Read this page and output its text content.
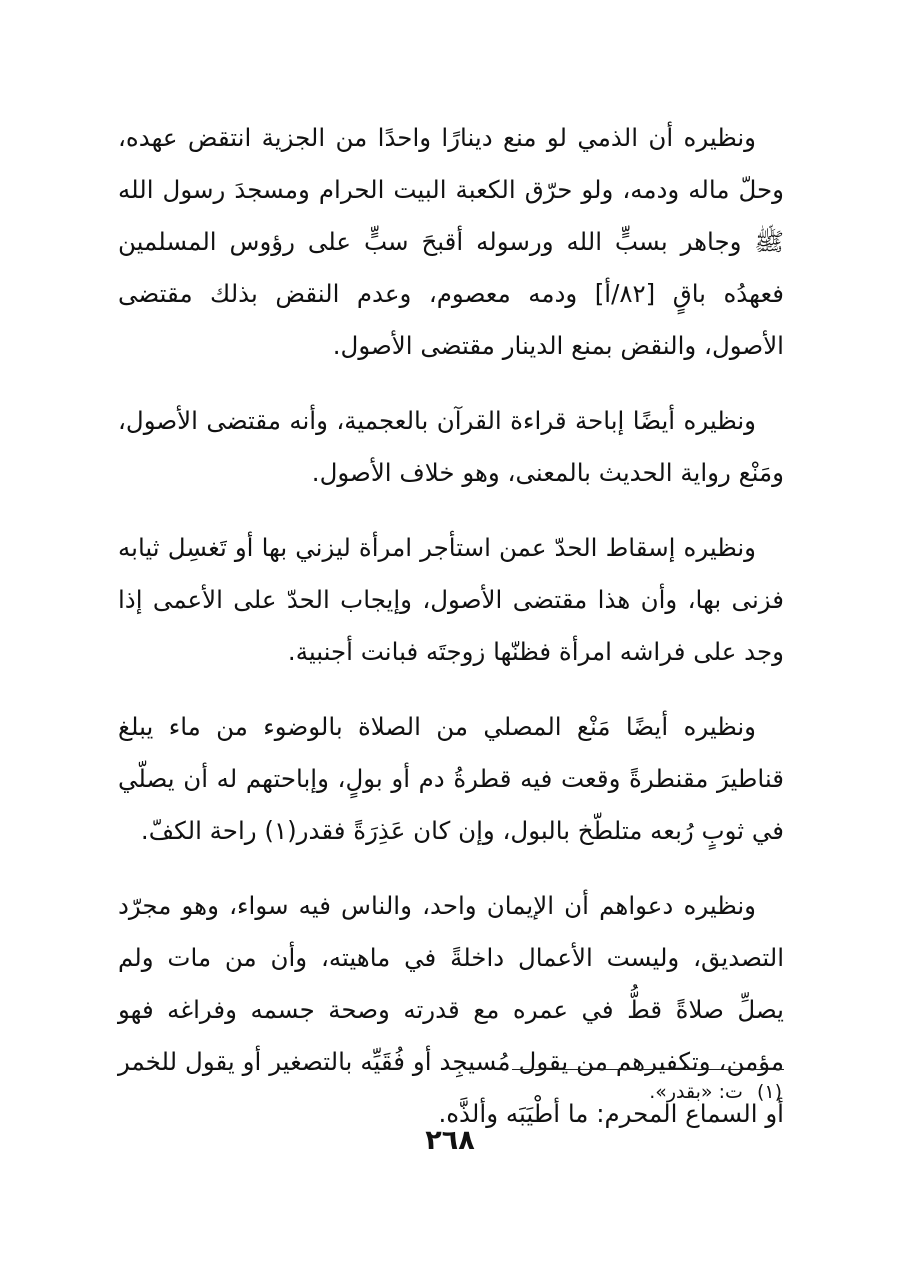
ونظيره أن الذمي لو منع دينارًا واحدًا من الجزية انتقض عهده، وحلّ ماله ودمه، ولو حرّق الكعبة البيت الحرام ومسجدَ رسول الله ﷺ وجاهر بسبٍّ الله ورسوله أقبحَ سبٍّ على رؤوس المسلمين فعهدُه باقٍ [٨٢/أ] ودمه معصوم، وعدم النقض بذلك مقتضى الأصول، والنقض بمنع الدينار مقتضى الأصول.

ونظيره أيضًا إباحة قراءة القرآن بالعجمية، وأنه مقتضى الأصول، ومَنْع رواية الحديث بالمعنى، وهو خلاف الأصول.

ونظيره إسقاط الحدّ عمن استأجر امرأة ليزني بها أو تَغسِل ثيابه فزنى بها، وأن هذا مقتضى الأصول، وإيجاب الحدّ على الأعمى إذا وجد على فراشه امرأة فظنّها زوجتَه فبانت أجنبية.

ونظيره أيضًا مَنْع المصلي من الصلاة بالوضوء من ماء يبلغ قناطيرَ مقنطرةً وقعت فيه قطرةُ دم أو بولٍ، وإباحتهم له أن يصلّي في ثوبٍ رُبعه متلطّخ بالبول، وإن كان عَذِرَةً فقدر(١) راحة الكفّ.

ونظيره دعواهم أن الإيمان واحد، والناس فيه سواء، وهو مجرّد التصديق، وليست الأعمال داخلةً في ماهيته، وأن من مات ولم يصلِّ صلاةً قطُّ في عمره مع قدرته وصحة جسمه وفراغه فهو مؤمن، وتكفيرهم من يقول مُسيجِد أو فُقَيِّه بالتصغير أو يقول للخمر أو السماع المحرم: ما أطْيَبَه وألذَّه.

(١) ت: «بقدر».
٢٦٨
